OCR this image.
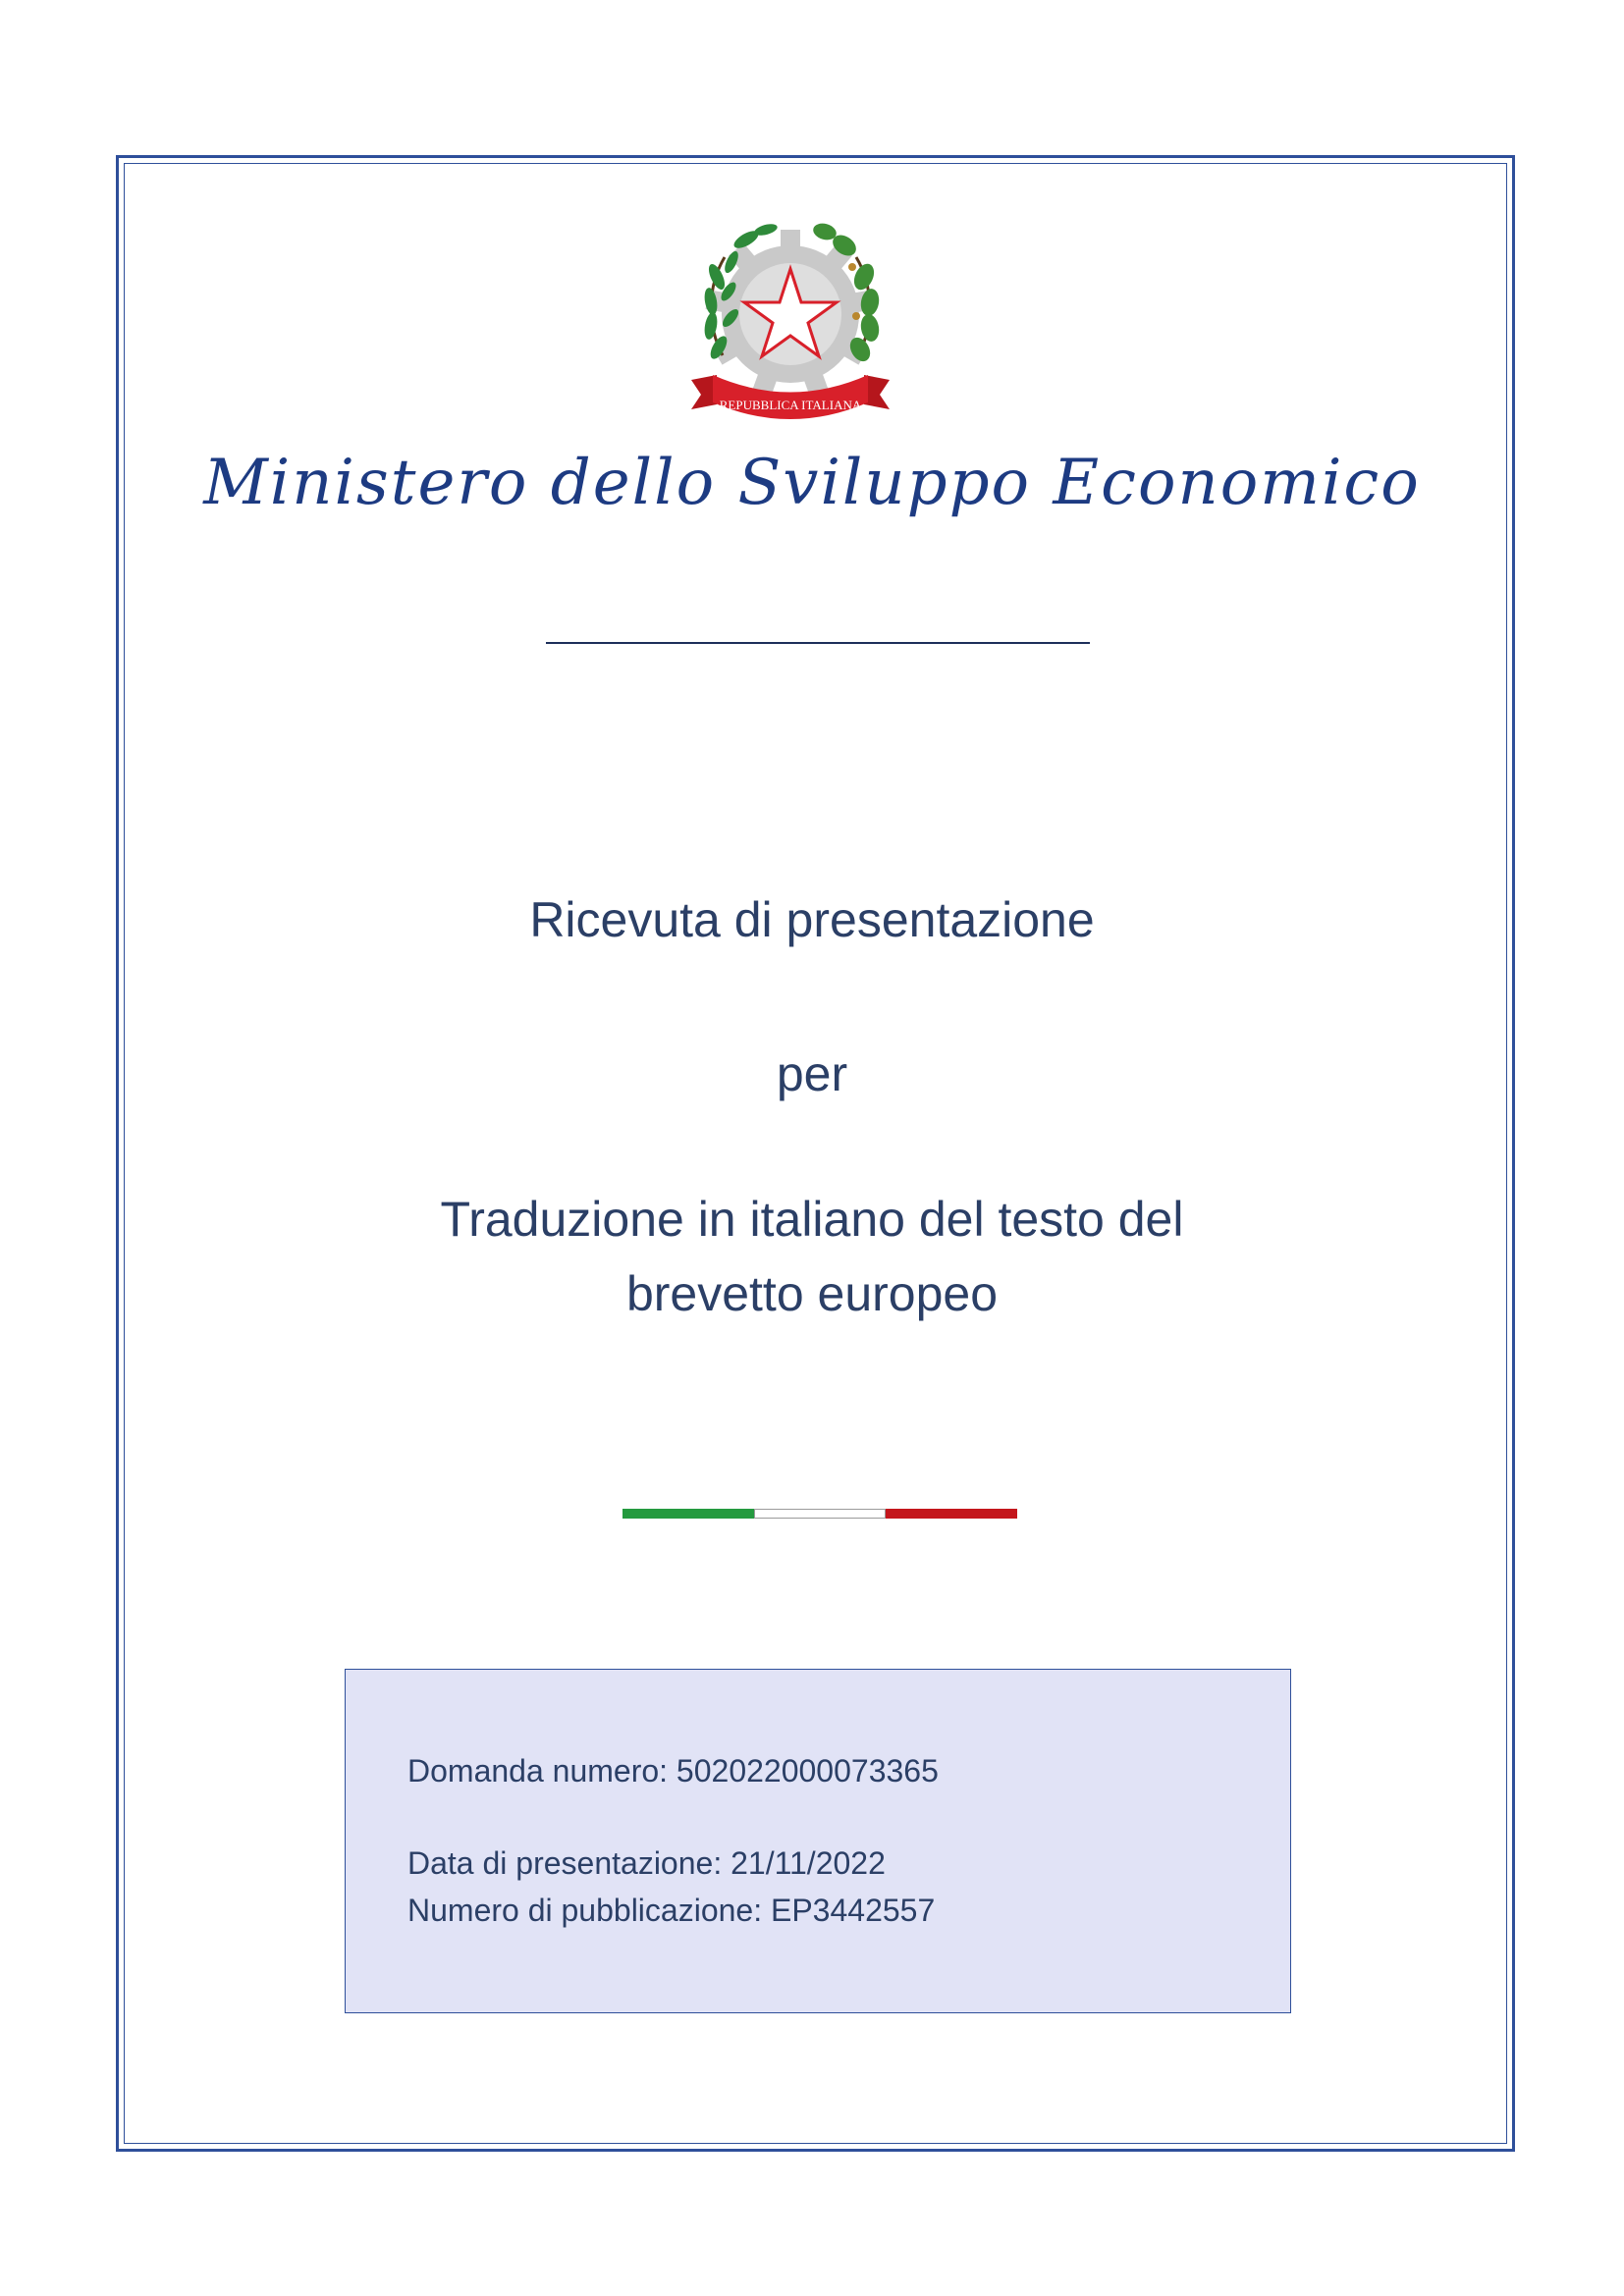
REPUBBLICA ITALIANA
Ministero dello Sviluppo Economico
Ricevuta di presentazione
per
Traduzione in italiano del testo del
brevetto europeo
Domanda numero: 502022000073365
Data di presentazione: 21/11/2022
Numero di pubblicazione: EP3442557
